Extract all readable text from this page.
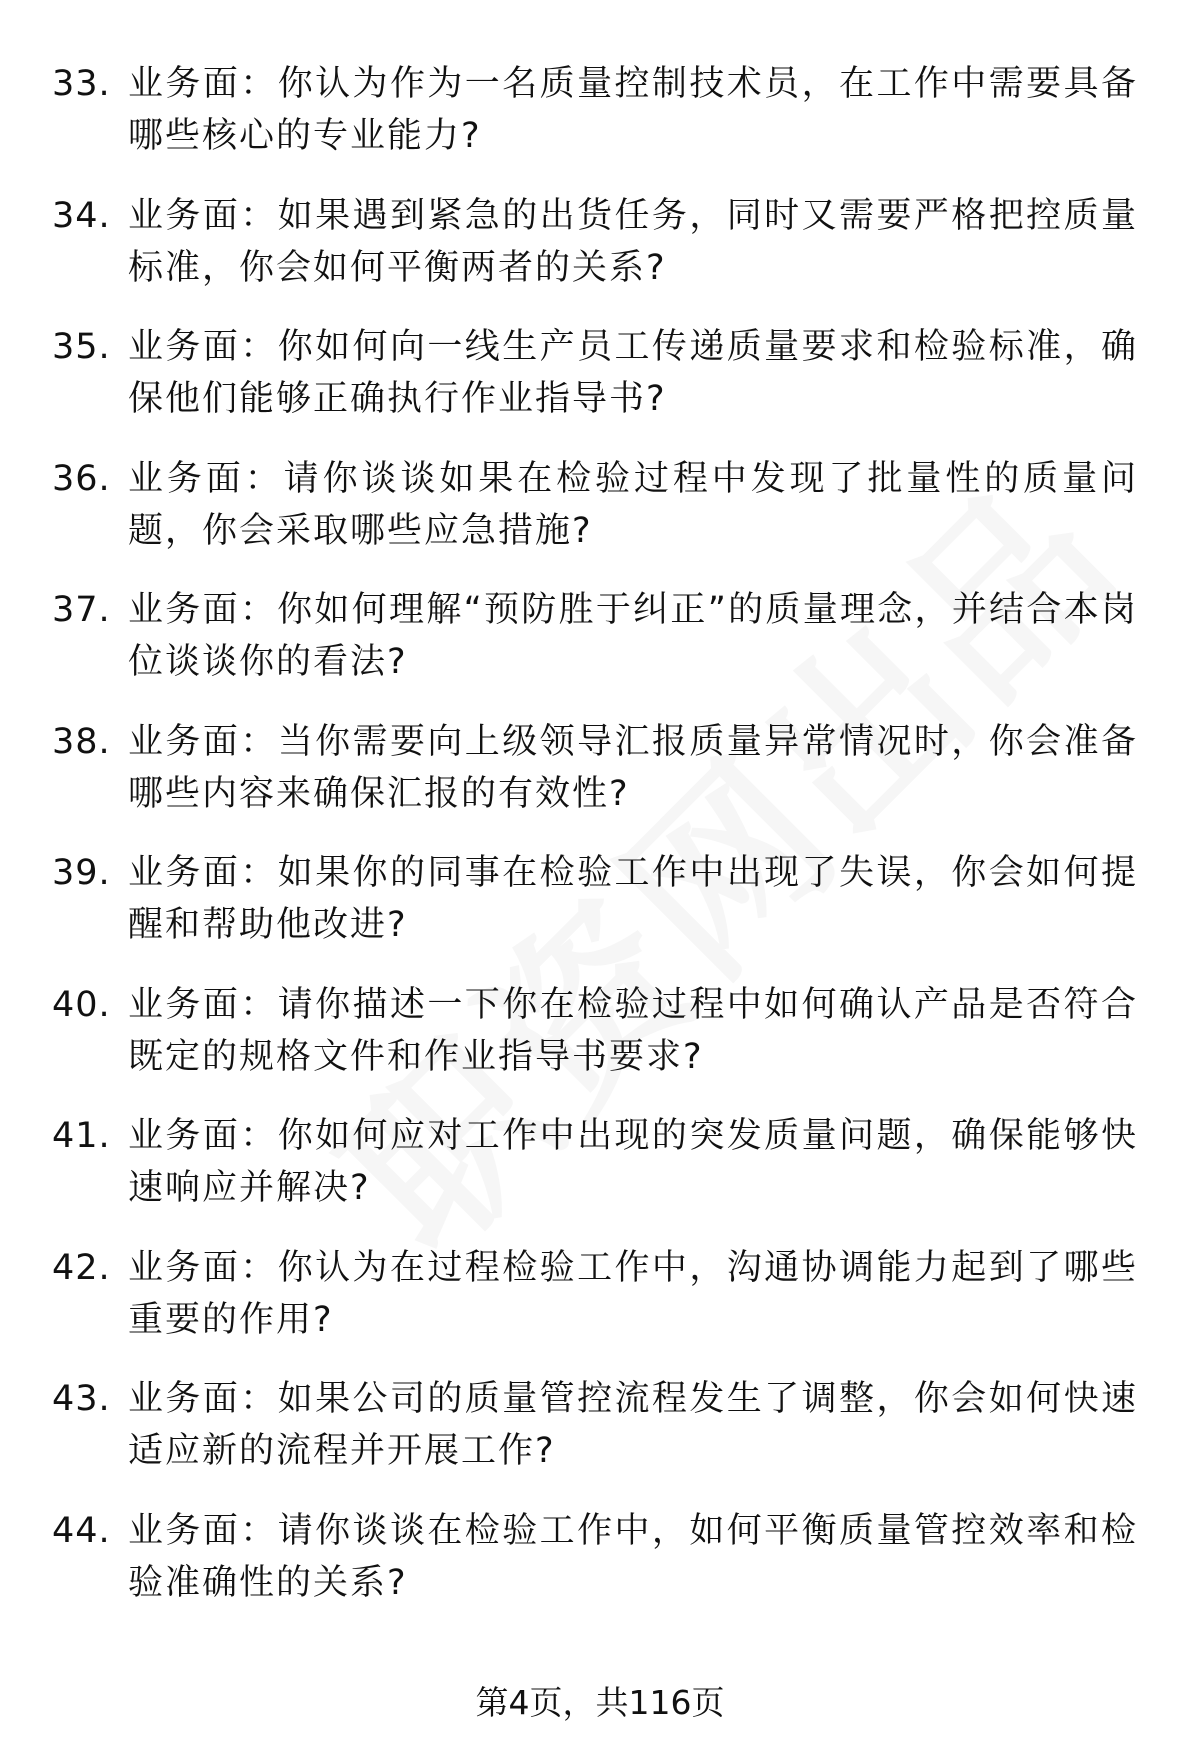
33. 业务面：你认为作为一名质量控制技术员，在工作中需要具备哪些核心的专业能力?
34. 业务面：如果遇到紧急的出货任务，同时又需要严格把控质量标准，你会如何平衡两者的关系?
35. 业务面：你如何向一线生产员工传递质量要求和检验标准，确保他们能够正确执行作业指导书?
36. 业务面：请你谈谈如果在检验过程中发现了批量性的质量问题，你会采取哪些应急措施?
37. 业务面：你如何理解“预防胜于纠正”的质量理念，并结合本岗位谈谈你的看法?
38. 业务面：当你需要向上级领导汇报质量异常情况时，你会准备哪些内容来确保汇报的有效性?
39. 业务面：如果你的同事在检验工作中出现了失误，你会如何提醒和帮助他改进?
40. 业务面：请你描述一下你在检验过程中如何确认产品是否符合既定的规格文件和作业指导书要求?
41. 业务面：你如何应对工作中出现的突发质量问题，确保能够快速响应并解决?
42. 业务面：你认为在过程检验工作中，沟通协调能力起到了哪些重要的作用?
43. 业务面：如果公司的质量管控流程发生了调整，你会如何快速适应新的流程并开展工作?
44. 业务面：请你谈谈在检验工作中，如何平衡质量管控效率和检验准确性的关系?
第4页，共116页
